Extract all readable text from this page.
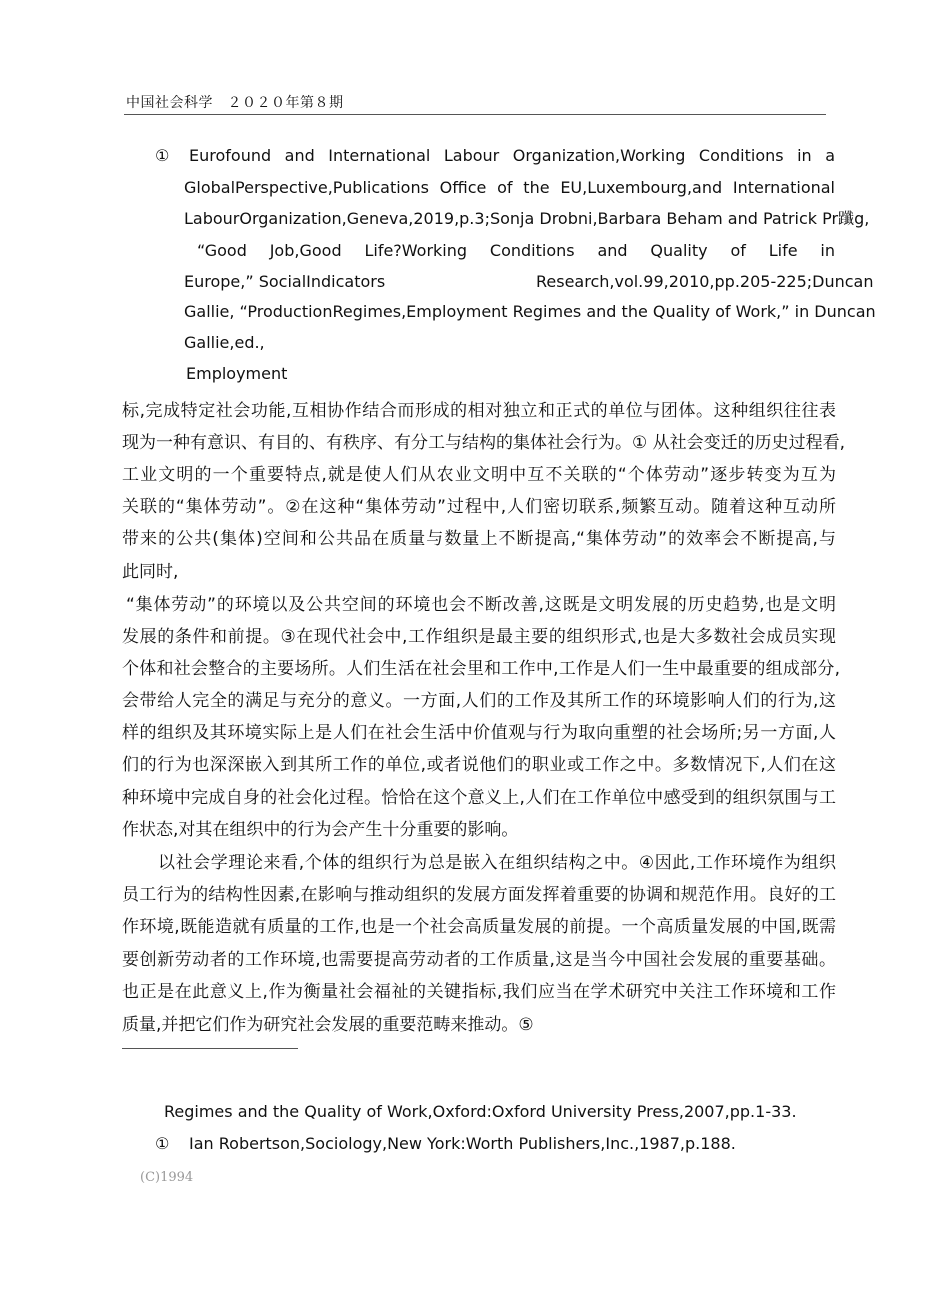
中国社会科学　２０２０年第８期
① Eurofound and International Labour Organization,Working Conditions in a
GlobalPerspective,Publications Office of the EU,Luxembourg,and International
LabourOrganization,Geneva,2019,p.3;Sonja Drobni,Barbara Beham and Patrick Pr𨇦g,
“Good Job,Good Life?Working Conditions and Quality of Life in
Europe,” SocialIndicators	Research,vol.99,2010,pp.205-225;Duncan
Gallie, “ProductionRegimes,Employment Regimes and the Quality of Work,” in Duncan
Gallie,ed.,
Employment
标,完成特定社会功能,互相协作结合而形成的相对独立和正式的单位与团体。这种组织往往表
现为一种有意识、有目的、有秩序、有分工与结构的集体社会行为。① 从社会变迁的历史过程看,
工业文明的一个重要特点,就是使人们从农业文明中互不关联的“个体劳动”逐步转变为互为
关联的“集体劳动”。②在这种“集体劳动”过程中,人们密切联系,频繁互动。随着这种互动所
带来的公共(集体)空间和公共品在质量与数量上不断提高,“集体劳动”的效率会不断提高,与
此同时,
“集体劳动”的环境以及公共空间的环境也会不断改善,这既是文明发展的历史趋势,也是文明
发展的条件和前提。③在现代社会中,工作组织是最主要的组织形式,也是大多数社会成员实现
个体和社会整合的主要场所。人们生活在社会里和工作中,工作是人们一生中最重要的组成部分,
会带给人完全的满足与充分的意义。一方面,人们的工作及其所工作的环境影响人们的行为,这
样的组织及其环境实际上是人们在社会生活中价值观与行为取向重塑的社会场所;另一方面,人
们的行为也深深嵌入到其所工作的单位,或者说他们的职业或工作之中。多数情况下,人们在这
种环境中完成自身的社会化过程。恰恰在这个意义上,人们在工作单位中感受到的组织氛围与工
作状态,对其在组织中的行为会产生十分重要的影响。
以社会学理论来看,个体的组织行为总是嵌入在组织结构之中。④因此,工作环境作为组织
员工行为的结构性因素,在影响与推动组织的发展方面发挥着重要的协调和规范作用。良好的工
作环境,既能造就有质量的工作,也是一个社会高质量发展的前提。一个高质量发展的中国,既需
要创新劳动者的工作环境,也需要提高劳动者的工作质量,这是当今中国社会发展的重要基础。
也正是在此意义上,作为衡量社会福祉的关键指标,我们应当在学术研究中关注工作环境和工作
质量,并把它们作为研究社会发展的重要范畴来推动。⑤
Regimes and the Quality of Work,Oxford:Oxford University Press,2007,pp.1-33.
① Ian Robertson,Sociology,New York:Worth Publishers,Inc.,1987,p.188.
(C)1994
